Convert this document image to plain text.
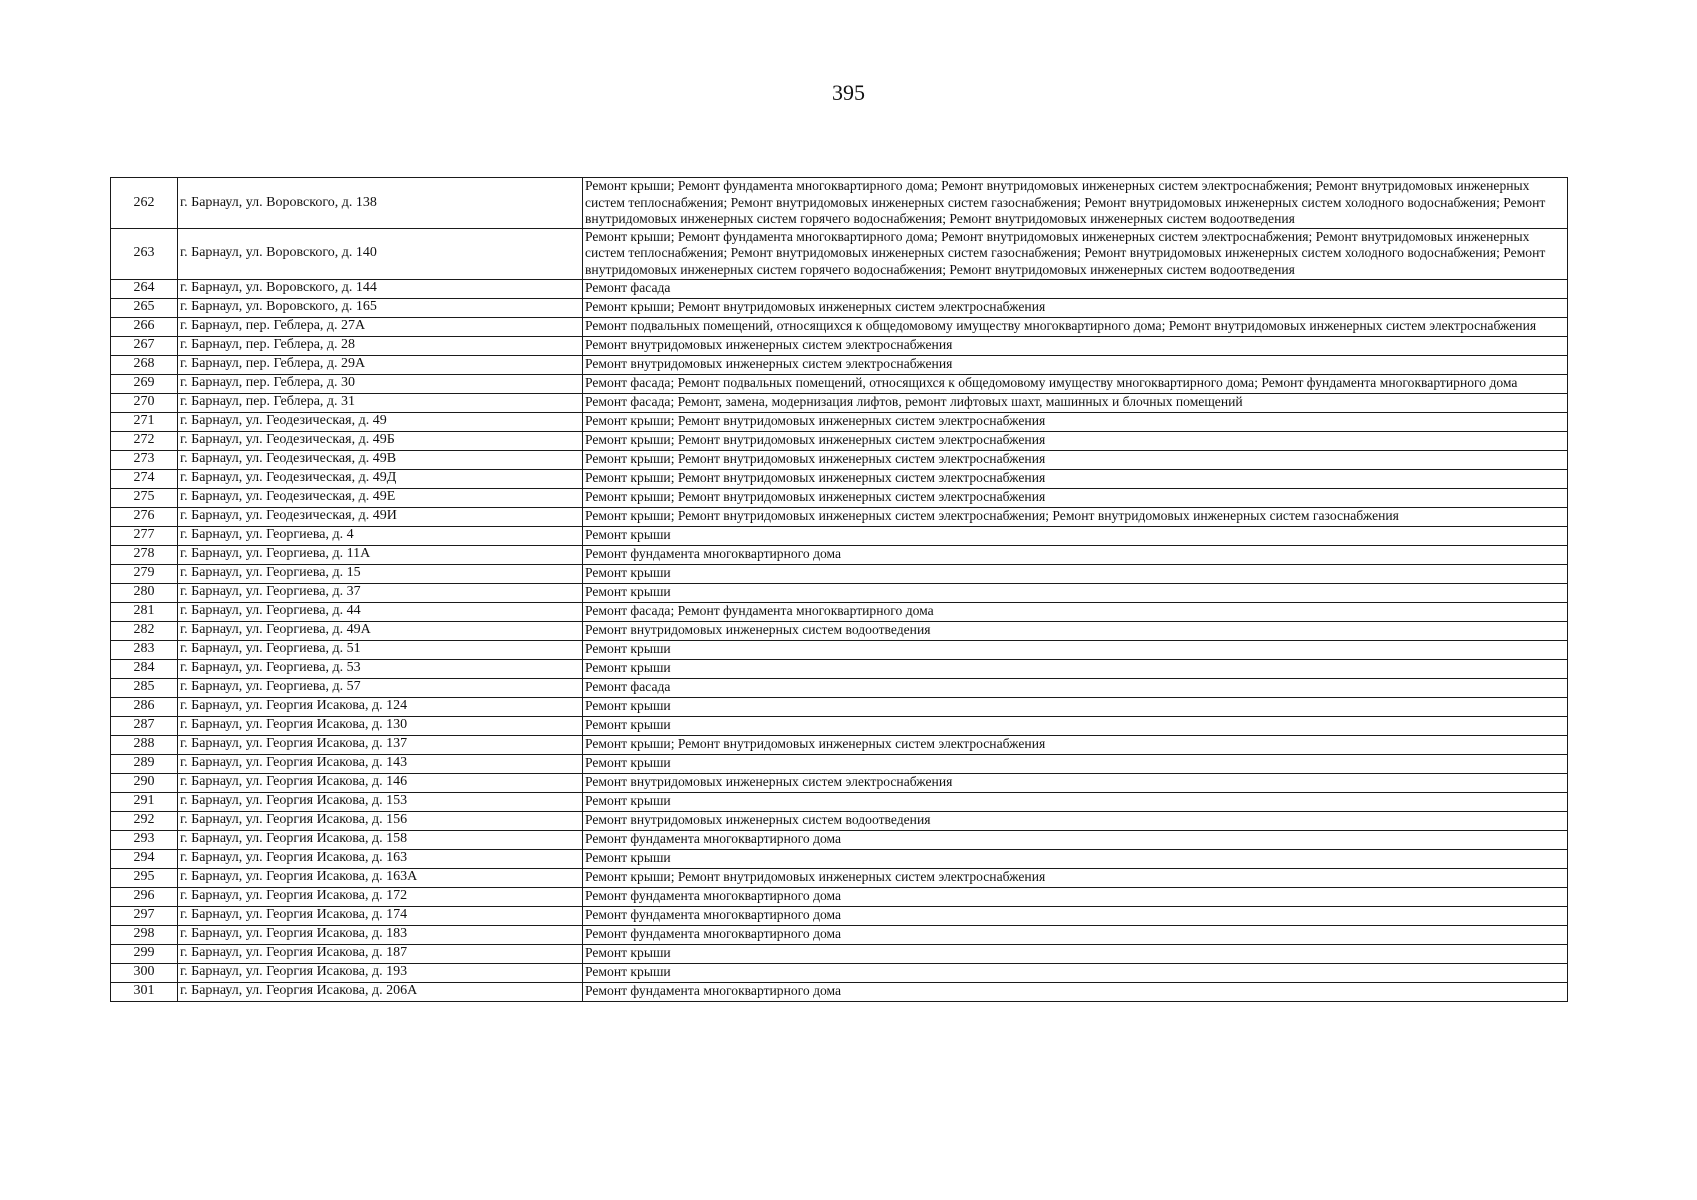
395
262	г. Барнаул, ул. Воровского, д. 138	Ремонт крыши; Ремонт фундамента многоквартирного дома; Ремонт внутридомовых инженерных систем электроснабжения; Ремонт внутридомовых инженерных систем теплоснабжения; Ремонт внутридомовых инженерных систем газоснабжения; Ремонт внутридомовых инженерных систем холодного водоснабжения; Ремонт внутридомовых инженерных систем горячего водоснабжения; Ремонт внутридомовых инженерных систем водоотведения
263	г. Барнаул, ул. Воровского, д. 140	Ремонт крыши; Ремонт фундамента многоквартирного дома; Ремонт внутридомовых инженерных систем электроснабжения; Ремонт внутридомовых инженерных систем теплоснабжения; Ремонт внутридомовых инженерных систем газоснабжения; Ремонт внутридомовых инженерных систем холодного водоснабжения; Ремонт внутридомовых инженерных систем горячего водоснабжения; Ремонт внутридомовых инженерных систем водоотведения
264	г. Барнаул, ул. Воровского, д. 144	Ремонт фасада
265	г. Барнаул, ул. Воровского, д. 165	Ремонт крыши; Ремонт внутридомовых инженерных систем электроснабжения
266	г. Барнаул, пер. Геблера, д. 27А	Ремонт подвальных помещений, относящихся к общедомовому имуществу многоквартирного дома; Ремонт внутридомовых инженерных систем электроснабжения
267	г. Барнаул, пер. Геблера, д. 28	Ремонт внутридомовых инженерных систем электроснабжения
268	г. Барнаул, пер. Геблера, д. 29А	Ремонт внутридомовых инженерных систем электроснабжения
269	г. Барнаул, пер. Геблера, д. 30	Ремонт фасада; Ремонт подвальных помещений, относящихся к общедомовому имуществу многоквартирного дома; Ремонт фундамента многоквартирного дома
270	г. Барнаул, пер. Геблера, д. 31	Ремонт фасада; Ремонт, замена, модернизация лифтов, ремонт лифтовых шахт, машинных и блочных помещений
271	г. Барнаул, ул. Геодезическая, д. 49	Ремонт крыши; Ремонт внутридомовых инженерных систем электроснабжения
272	г. Барнаул, ул. Геодезическая, д. 49Б	Ремонт крыши; Ремонт внутридомовых инженерных систем электроснабжения
273	г. Барнаул, ул. Геодезическая, д. 49В	Ремонт крыши; Ремонт внутридомовых инженерных систем электроснабжения
274	г. Барнаул, ул. Геодезическая, д. 49Д	Ремонт крыши; Ремонт внутридомовых инженерных систем электроснабжения
275	г. Барнаул, ул. Геодезическая, д. 49Е	Ремонт крыши; Ремонт внутридомовых инженерных систем электроснабжения
276	г. Барнаул, ул. Геодезическая, д. 49И	Ремонт крыши; Ремонт внутридомовых инженерных систем электроснабжения; Ремонт внутридомовых инженерных систем газоснабжения
277	г. Барнаул, ул. Георгиева, д. 4	Ремонт крыши
278	г. Барнаул, ул. Георгиева, д. 11А	Ремонт фундамента многоквартирного дома
279	г. Барнаул, ул. Георгиева, д. 15	Ремонт крыши
280	г. Барнаул, ул. Георгиева, д. 37	Ремонт крыши
281	г. Барнаул, ул. Георгиева, д. 44	Ремонт фасада; Ремонт фундамента многоквартирного дома
282	г. Барнаул, ул. Георгиева, д. 49А	Ремонт внутридомовых инженерных систем водоотведения
283	г. Барнаул, ул. Георгиева, д. 51	Ремонт крыши
284	г. Барнаул, ул. Георгиева, д. 53	Ремонт крыши
285	г. Барнаул, ул. Георгиева, д. 57	Ремонт фасада
286	г. Барнаул, ул. Георгия Исакова, д. 124	Ремонт крыши
287	г. Барнаул, ул. Георгия Исакова, д. 130	Ремонт крыши
288	г. Барнаул, ул. Георгия Исакова, д. 137	Ремонт крыши; Ремонт внутридомовых инженерных систем электроснабжения
289	г. Барнаул, ул. Георгия Исакова, д. 143	Ремонт крыши
290	г. Барнаул, ул. Георгия Исакова, д. 146	Ремонт внутридомовых инженерных систем электроснабжения
291	г. Барнаул, ул. Георгия Исакова, д. 153	Ремонт крыши
292	г. Барнаул, ул. Георгия Исакова, д. 156	Ремонт внутридомовых инженерных систем водоотведения
293	г. Барнаул, ул. Георгия Исакова, д. 158	Ремонт фундамента многоквартирного дома
294	г. Барнаул, ул. Георгия Исакова, д. 163	Ремонт крыши
295	г. Барнаул, ул. Георгия Исакова, д. 163А	Ремонт крыши; Ремонт внутридомовых инженерных систем электроснабжения
296	г. Барнаул, ул. Георгия Исакова, д. 172	Ремонт фундамента многоквартирного дома
297	г. Барнаул, ул. Георгия Исакова, д. 174	Ремонт фундамента многоквартирного дома
298	г. Барнаул, ул. Георгия Исакова, д. 183	Ремонт фундамента многоквартирного дома
299	г. Барнаул, ул. Георгия Исакова, д. 187	Ремонт крыши
300	г. Барнаул, ул. Георгия Исакова, д. 193	Ремонт крыши
301	г. Барнаул, ул. Георгия Исакова, д. 206А	Ремонт фундамента многоквартирного дома
